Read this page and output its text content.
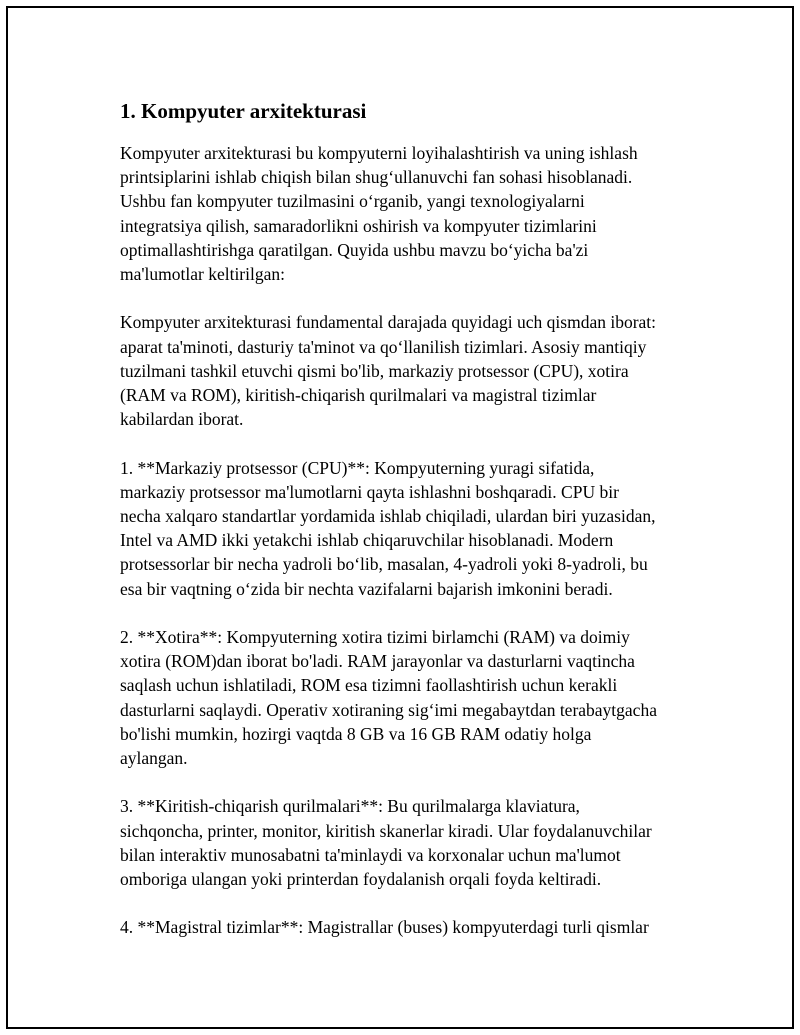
1. Kompyuter arxitekturasi
Kompyuter arxitekturasi bu kompyuterni loyihalashtirish va uning ishlash
printsiplarini ishlab chiqish bilan shug‘ullanuvchi fan sohasi hisoblanadi.
Ushbu fan kompyuter tuzilmasini o‘rganib, yangi texnologiyalarni
integratsiya qilish, samaradorlikni oshirish va kompyuter tizimlarini
optimallashtirishga qaratilgan. Quyida ushbu mavzu bo‘yicha ba'zi
ma'lumotlar keltirilgan:
Kompyuter arxitekturasi fundamental darajada quyidagi uch qismdan iborat:
aparat ta'minoti, dasturiy ta'minot va qo‘llanilish tizimlari. Asosiy mantiqiy
tuzilmani tashkil etuvchi qismi bo'lib, markaziy protsessor (CPU), xotira
(RAM va ROM), kiritish-chiqarish qurilmalari va magistral tizimlar
kabilardan iborat.
1. **Markaziy protsessor (CPU)**: Kompyuterning yuragi sifatida,
markaziy protsessor ma'lumotlarni qayta ishlashni boshqaradi. CPU bir
necha xalqaro standartlar yordamida ishlab chiqiladi, ulardan biri yuzasidan,
Intel va AMD ikki yetakchi ishlab chiqaruvchilar hisoblanadi. Modern
protsessorlar bir necha yadroli bo‘lib, masalan, 4-yadroli yoki 8-yadroli, bu
esa bir vaqtning o‘zida bir nechta vazifalarni bajarish imkonini beradi.
2. **Xotira**: Kompyuterning xotira tizimi birlamchi (RAM) va doimiy
xotira (ROM)dan iborat bo'ladi. RAM jarayonlar va dasturlarni vaqtincha
saqlash uchun ishlatiladi, ROM esa tizimni faollashtirish uchun kerakli
dasturlarni saqlaydi. Operativ xotiraning sig‘imi megabaytdan terabaytgacha
bo'lishi mumkin, hozirgi vaqtda 8 GB va 16 GB RAM odatiy holga
aylangan.
3. **Kiritish-chiqarish qurilmalari**: Bu qurilmalarga klaviatura,
sichqoncha, printer, monitor, kiritish skanerlar kiradi. Ular foydalanuvchilar
bilan interaktiv munosabatni ta'minlaydi va korxonalar uchun ma'lumot
omboriga ulangan yoki printerdan foydalanish orqali foyda keltiradi.
4. **Magistral tizimlar**: Magistrallar (buses) kompyuterdagi turli qismlar
